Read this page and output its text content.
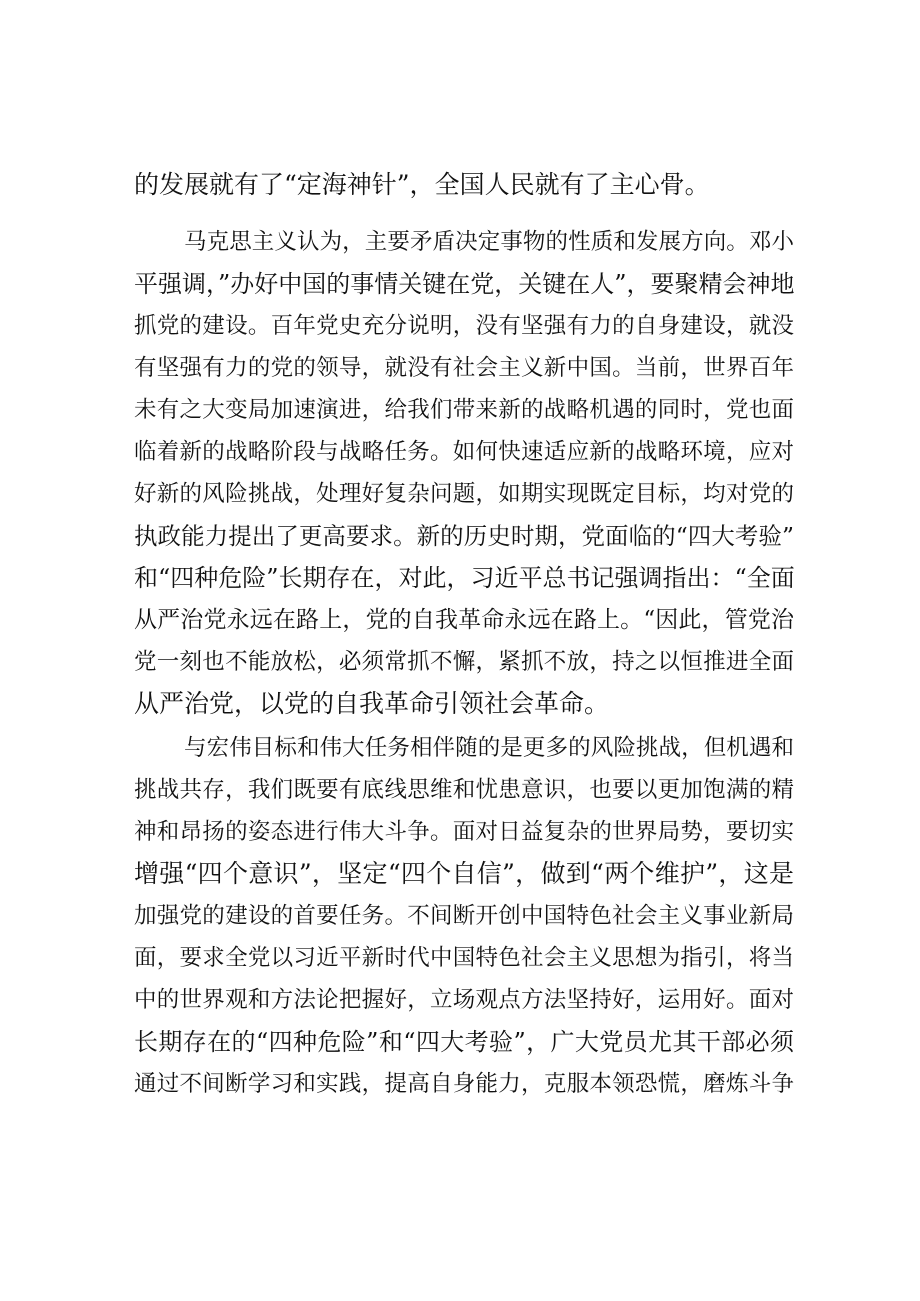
的发展就有了“定海神针”，全国人民就有了主心骨。
马克思主义认为，主要矛盾决定事物的性质和发展方向。邓小
平强调，”办好中国的事情关键在党，关键在人”，要聚精会神地
抓党的建设。百年党史充分说明，没有坚强有力的自身建设，就没
有坚强有力的党的领导，就没有社会主义新中国。当前，世界百年
未有之大变局加速演进，给我们带来新的战略机遇的同时，党也面
临着新的战略阶段与战略任务。如何快速适应新的战略环境，应对
好新的风险挑战，处理好复杂问题，如期实现既定目标，均对党的
执政能力提出了更高要求。新的历史时期，党面临的“四大考验”
和“四种危险”长期存在，对此，习近平总书记强调指出：“全面
从严治党永远在路上，党的自我革命永远在路上。“因此，管党治
党一刻也不能放松，必须常抓不懈，紧抓不放，持之以恒推进全面
从严治党，以党的自我革命引领社会革命。
与宏伟目标和伟大任务相伴随的是更多的风险挑战，但机遇和
挑战共存，我们既要有底线思维和忧患意识，也要以更加饱满的精
神和昂扬的姿态进行伟大斗争。面对日益复杂的世界局势，要切实
增强“四个意识”，坚定“四个自信”，做到“两个维护”，这是
加强党的建设的首要任务。不间断开创中国特色社会主义事业新局
面，要求全党以习近平新时代中国特色社会主义思想为指引，将当
中的世界观和方法论把握好，立场观点方法坚持好，运用好。面对
长期存在的“四种危险”和“四大考验”，广大党员尤其干部必须
通过不间断学习和实践，提高自身能力，克服本领恐慌，磨炼斗争
